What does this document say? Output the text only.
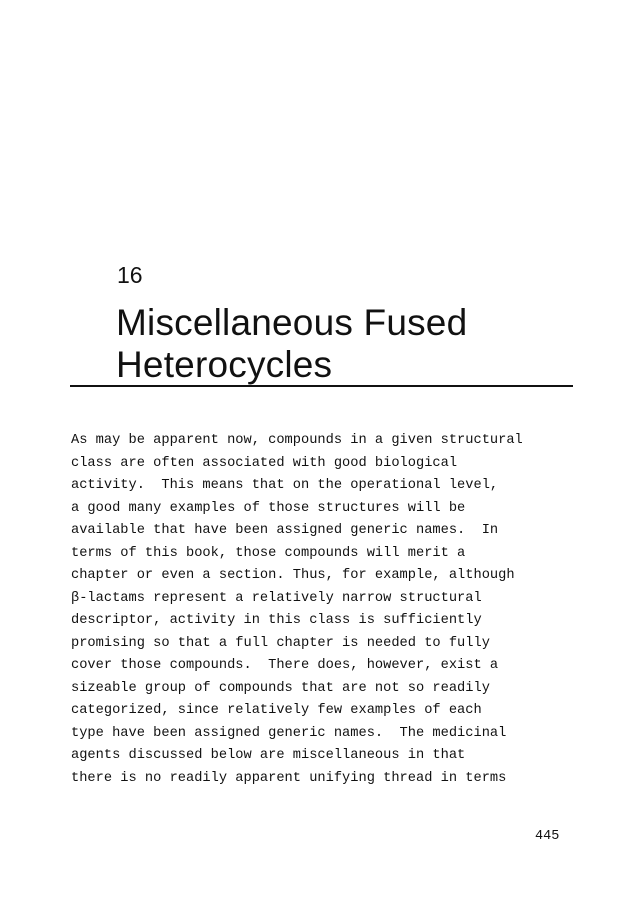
16
Miscellaneous Fused
Heterocycles
As may be apparent now, compounds in a given structural
class are often associated with good biological
activity.  This means that on the operational level,
a good many examples of those structures will be
available that have been assigned generic names.  In
terms of this book, those compounds will merit a
chapter or even a section. Thus, for example, although
β-lactams represent a relatively narrow structural
descriptor, activity in this class is sufficiently
promising so that a full chapter is needed to fully
cover those compounds.  There does, however, exist a
sizeable group of compounds that are not so readily
categorized, since relatively few examples of each
type have been assigned generic names.  The medicinal
agents discussed below are miscellaneous in that
there is no readily apparent unifying thread in terms
445
